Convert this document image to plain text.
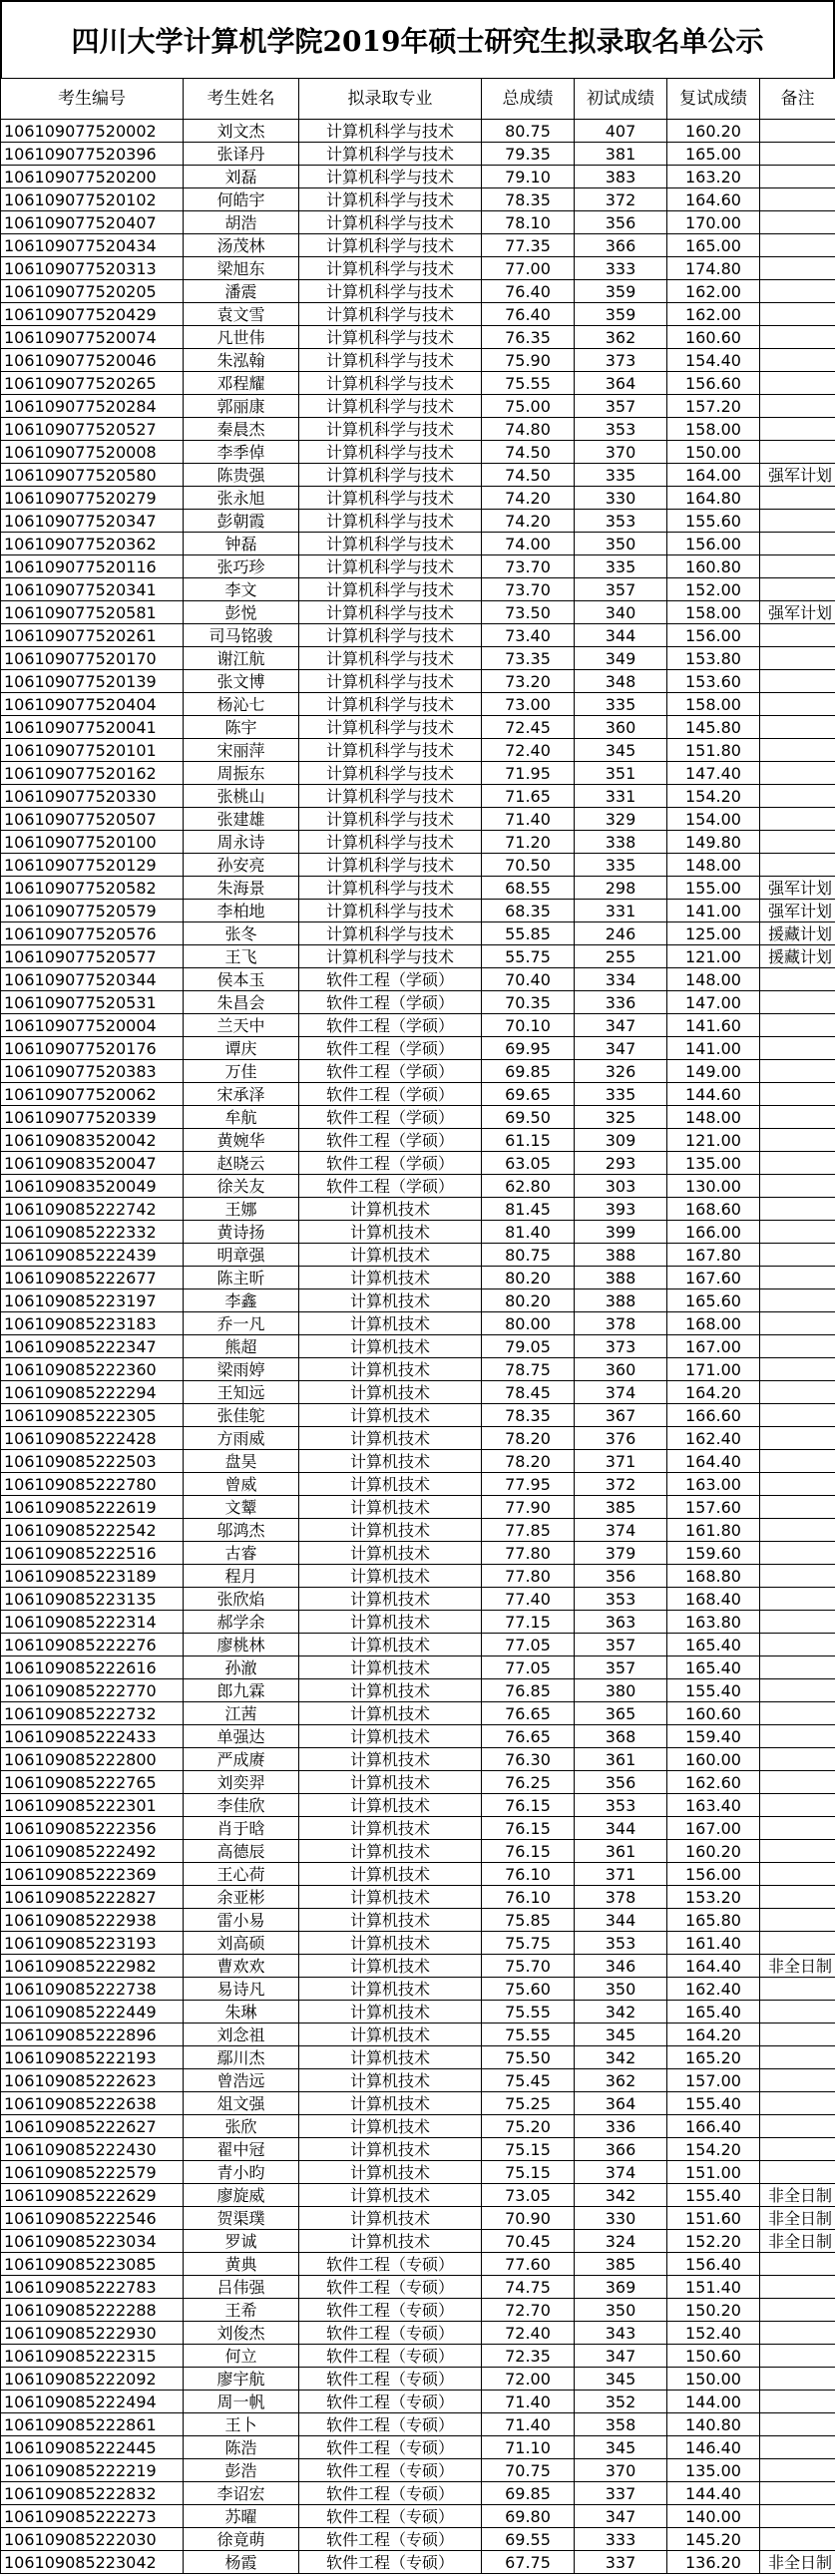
四川大学计算机学院2019年硕士研究生拟录取名单公示
考生编号	考生姓名	拟录取专业	总成绩	初试成绩	复试成绩	备注
106109077520002	刘文杰	计算机科学与技术	80.75	407	160.20	
106109077520396	张译丹	计算机科学与技术	79.35	381	165.00	
106109077520200	刘磊	计算机科学与技术	79.10	383	163.20	
106109077520102	何皓宇	计算机科学与技术	78.35	372	164.60	
106109077520407	胡浩	计算机科学与技术	78.10	356	170.00	
106109077520434	汤茂林	计算机科学与技术	77.35	366	165.00	
106109077520313	梁旭东	计算机科学与技术	77.00	333	174.80	
106109077520205	潘震	计算机科学与技术	76.40	359	162.00	
106109077520429	袁文雪	计算机科学与技术	76.40	359	162.00	
106109077520074	凡世伟	计算机科学与技术	76.35	362	160.60	
106109077520046	朱泓翰	计算机科学与技术	75.90	373	154.40	
106109077520265	邓程耀	计算机科学与技术	75.55	364	156.60	
106109077520284	郭丽康	计算机科学与技术	75.00	357	157.20	
106109077520527	秦晨杰	计算机科学与技术	74.80	353	158.00	
106109077520008	李季倬	计算机科学与技术	74.50	370	150.00	
106109077520580	陈贵强	计算机科学与技术	74.50	335	164.00	强军计划
106109077520279	张永旭	计算机科学与技术	74.20	330	164.80	
106109077520347	彭朝霞	计算机科学与技术	74.20	353	155.60	
106109077520362	钟磊	计算机科学与技术	74.00	350	156.00	
106109077520116	张巧珍	计算机科学与技术	73.70	335	160.80	
106109077520341	李文	计算机科学与技术	73.70	357	152.00	
106109077520581	彭悦	计算机科学与技术	73.50	340	158.00	强军计划
106109077520261	司马铭骏	计算机科学与技术	73.40	344	156.00	
106109077520170	谢江航	计算机科学与技术	73.35	349	153.80	
106109077520139	张文博	计算机科学与技术	73.20	348	153.60	
106109077520404	杨沁七	计算机科学与技术	73.00	335	158.00	
106109077520041	陈宇	计算机科学与技术	72.45	360	145.80	
106109077520101	宋丽萍	计算机科学与技术	72.40	345	151.80	
106109077520162	周振东	计算机科学与技术	71.95	351	147.40	
106109077520330	张桃山	计算机科学与技术	71.65	331	154.20	
106109077520507	张建雄	计算机科学与技术	71.40	329	154.00	
106109077520100	周永诗	计算机科学与技术	71.20	338	149.80	
106109077520129	孙安亮	计算机科学与技术	70.50	335	148.00	
106109077520582	朱海景	计算机科学与技术	68.55	298	155.00	强军计划
106109077520579	李柏地	计算机科学与技术	68.35	331	141.00	强军计划
106109077520576	张冬	计算机科学与技术	55.85	246	125.00	援藏计划
106109077520577	王飞	计算机科学与技术	55.75	255	121.00	援藏计划
106109077520344	侯本玉	软件工程（学硕）	70.40	334	148.00	
106109077520531	朱昌会	软件工程（学硕）	70.35	336	147.00	
106109077520004	兰天中	软件工程（学硕）	70.10	347	141.60	
106109077520176	谭庆	软件工程（学硕）	69.95	347	141.00	
106109077520383	万佳	软件工程（学硕）	69.85	326	149.00	
106109077520062	宋承泽	软件工程（学硕）	69.65	335	144.60	
106109077520339	牟航	软件工程（学硕）	69.50	325	148.00	
106109083520042	黄婉华	软件工程（学硕）	61.15	309	121.00	
106109083520047	赵晓云	软件工程（学硕）	63.05	293	135.00	
106109083520049	徐关友	软件工程（学硕）	62.80	303	130.00	
106109085222742	王娜	计算机技术	81.45	393	168.60	
106109085222332	黄诗扬	计算机技术	81.40	399	166.00	
106109085222439	明章强	计算机技术	80.75	388	167.80	
106109085222677	陈主昕	计算机技术	80.20	388	167.60	
106109085223197	李鑫	计算机技术	80.20	388	165.60	
106109085223183	乔一凡	计算机技术	80.00	378	168.00	
106109085222347	熊超	计算机技术	79.05	373	167.00	
106109085222360	梁雨婷	计算机技术	78.75	360	171.00	
106109085222294	王知远	计算机技术	78.45	374	164.20	
106109085222305	张佳鸵	计算机技术	78.35	367	166.60	
106109085222428	方雨威	计算机技术	78.20	376	162.40	
106109085222503	盘昊	计算机技术	78.20	371	164.40	
106109085222780	曾威	计算机技术	77.95	372	163.00	
106109085222619	文颦	计算机技术	77.90	385	157.60	
106109085222542	邬鸿杰	计算机技术	77.85	374	161.80	
106109085222516	古睿	计算机技术	77.80	379	159.60	
106109085223189	程月	计算机技术	77.80	356	168.80	
106109085223135	张欣焰	计算机技术	77.40	353	168.40	
106109085222314	郝学余	计算机技术	77.15	363	163.80	
106109085222276	廖桃林	计算机技术	77.05	357	165.40	
106109085222616	孙澈	计算机技术	77.05	357	165.40	
106109085222770	郎九霖	计算机技术	76.85	380	155.40	
106109085222732	江茜	计算机技术	76.65	365	160.60	
106109085222433	单强达	计算机技术	76.65	368	159.40	
106109085222800	严成赓	计算机技术	76.30	361	160.00	
106109085222765	刘奕羿	计算机技术	76.25	356	162.60	
106109085222301	李佳欣	计算机技术	76.15	353	163.40	
106109085222356	肖于晗	计算机技术	76.15	344	167.00	
106109085222492	高德辰	计算机技术	76.15	361	160.20	
106109085222369	王心荷	计算机技术	76.10	371	156.00	
106109085222827	余亚彬	计算机技术	76.10	378	153.20	
106109085222938	雷小易	计算机技术	75.85	344	165.80	
106109085223193	刘高硕	计算机技术	75.75	353	161.40	
106109085222982	曹欢欢	计算机技术	75.70	346	164.40	非全日制
106109085222738	易诗凡	计算机技术	75.60	350	162.40	
106109085222449	朱琳	计算机技术	75.55	342	165.40	
106109085222896	刘念祖	计算机技术	75.55	345	164.20	
106109085222193	鄢川杰	计算机技术	75.50	342	165.20	
106109085222623	曾浩远	计算机技术	75.45	362	157.00	
106109085222638	俎文强	计算机技术	75.25	364	155.40	
106109085222627	张欣	计算机技术	75.20	336	166.40	
106109085222430	翟中冠	计算机技术	75.15	366	154.20	
106109085222579	青小昀	计算机技术	75.15	374	151.00	
106109085222629	廖旋威	计算机技术	73.05	342	155.40	非全日制
106109085222546	贺渠璞	计算机技术	70.90	330	151.60	非全日制
106109085223034	罗诚	计算机技术	70.45	324	152.20	非全日制
106109085223085	黄典	软件工程（专硕）	77.60	385	156.40	
106109085222783	吕伟强	软件工程（专硕）	74.75	369	151.40	
106109085222288	王希	软件工程（专硕）	72.70	350	150.20	
106109085222930	刘俊杰	软件工程（专硕）	72.40	343	152.40	
106109085222315	何立	软件工程（专硕）	72.35	347	150.60	
106109085222092	廖宇航	软件工程（专硕）	72.00	345	150.00	
106109085222494	周一帆	软件工程（专硕）	71.40	352	144.00	
106109085222861	王卜	软件工程（专硕）	71.40	358	140.80	
106109085222445	陈浩	软件工程（专硕）	71.10	345	146.40	
106109085222219	彭浩	软件工程（专硕）	70.75	370	135.00	
106109085222832	李诏宏	软件工程（专硕）	69.85	337	144.40	
106109085222273	苏曜	软件工程（专硕）	69.80	347	140.00	
106109085222030	徐竟萌	软件工程（专硕）	69.55	333	145.20	
106109085223042	杨霞	软件工程（专硕）	67.75	337	136.20	非全日制
